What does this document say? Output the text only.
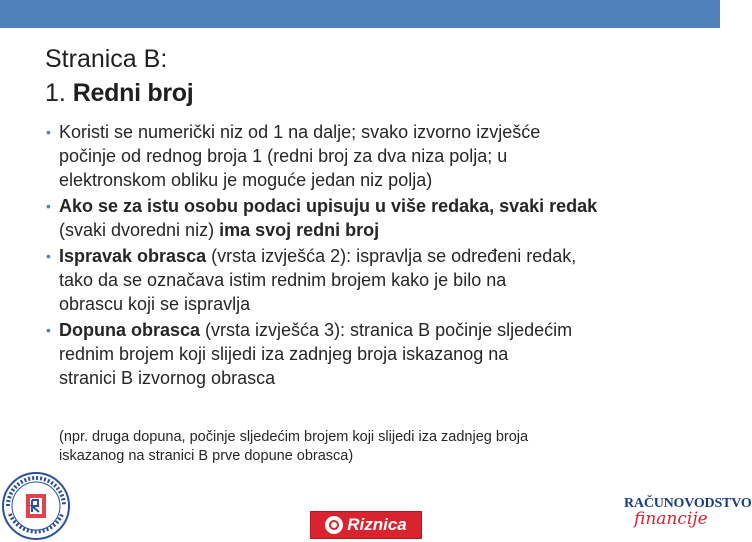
Stranica B:
1. Redni broj
• Koristi se numerički niz od 1 na dalje; svako izvorno izvješće
počinje od rednog broja 1 (redni broj za dva niza polja; u
elektronskom obliku je moguće jedan niz polja)
• Ako se za istu osobu podaci upisuju u više redaka, svaki redak
(svaki dvoredni niz) ima svoj redni broj
• Ispravak obrasca (vrsta izvješća 2): ispravlja se određeni redak,
tako da se označava istim rednim brojem kako je bilo na
obrascu koji se ispravlja
• Dopuna obrasca (vrsta izvješća 3): stranica B počinje sljedećim
rednim brojem koji slijedi iza zadnjeg broja iskazanog na
stranici B izvornog obrasca
(npr. druga dopuna, počinje sljedećim brojem koji slijedi iza zadnjeg broja
iskazanog na stranici B prve dopune obrasca)
Riznica
RAČUNOVODSTVO
financije
